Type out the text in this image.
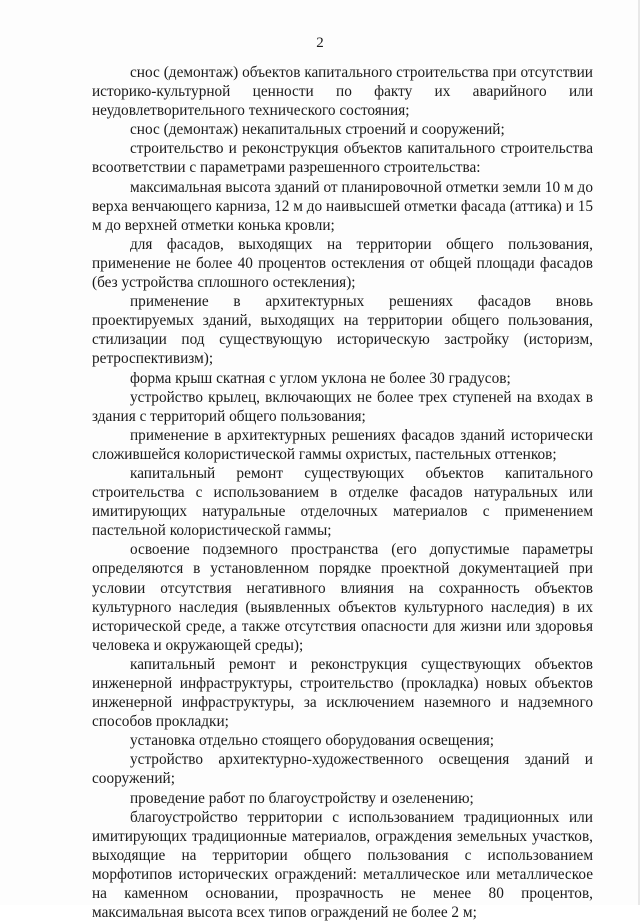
2

снос (демонтаж) объектов капитального строительства при отсутствии историко-культурной ценности по факту их аварийного или неудовлетворительного технического состояния;

снос (демонтаж) некапитальных строений и сооружений;

строительство и реконструкция объектов капитального строительства всоответствии с параметрами разрешенного строительства:

максимальная высота зданий от планировочной отметки земли 10 м до верха венчающего карниза, 12 м до наивысшей отметки фасада (аттика) и 15 м до верхней отметки конька кровли;

для фасадов, выходящих на территории общего пользования, применение не более 40 процентов остекления от общей площади фасадов (без устройства сплошного остекления);

применение в архитектурных решениях фасадов вновь проектируемых зданий, выходящих на территории общего пользования, стилизации под существующую историческую застройку (историзм, ретроспективизм);

форма крыш скатная с углом уклона не более 30 градусов;

устройство крылец, включающих не более трех ступеней на входах в здания с территорий общего пользования;

применение в архитектурных решениях фасадов зданий исторически сложившейся колористической гаммы охристых, пастельных оттенков;

капитальный ремонт существующих объектов капитального строительства с использованием в отделке фасадов натуральных или имитирующих натуральные отделочных материалов с применением пастельной колористической гаммы;

освоение подземного пространства (его допустимые параметры определяются в установленном порядке проектной документацией при условии отсутствия негативного влияния на сохранность объектов культурного наследия (выявленных объектов культурного наследия) в их исторической среде, а также отсутствия опасности для жизни или здоровья человека и окружающей среды);

капитальный ремонт и реконструкция существующих объектов инженерной инфраструктуры, строительство (прокладка) новых объектов инженерной инфраструктуры, за исключением наземного и надземного способов прокладки;

установка отдельно стоящего оборудования освещения;

устройство архитектурно-художественного освещения зданий и сооружений;

проведение работ по благоустройству и озеленению;

благоустройство территории с использованием традиционных или имитирующих традиционные материалов, ограждения земельных участков, выходящие на территории общего пользования с использованием морфотипов исторических ограждений: металлическое или металлическое на каменном основании, прозрачность не менее 80 процентов, максимальная высота всех типов ограждений не более 2 м;
